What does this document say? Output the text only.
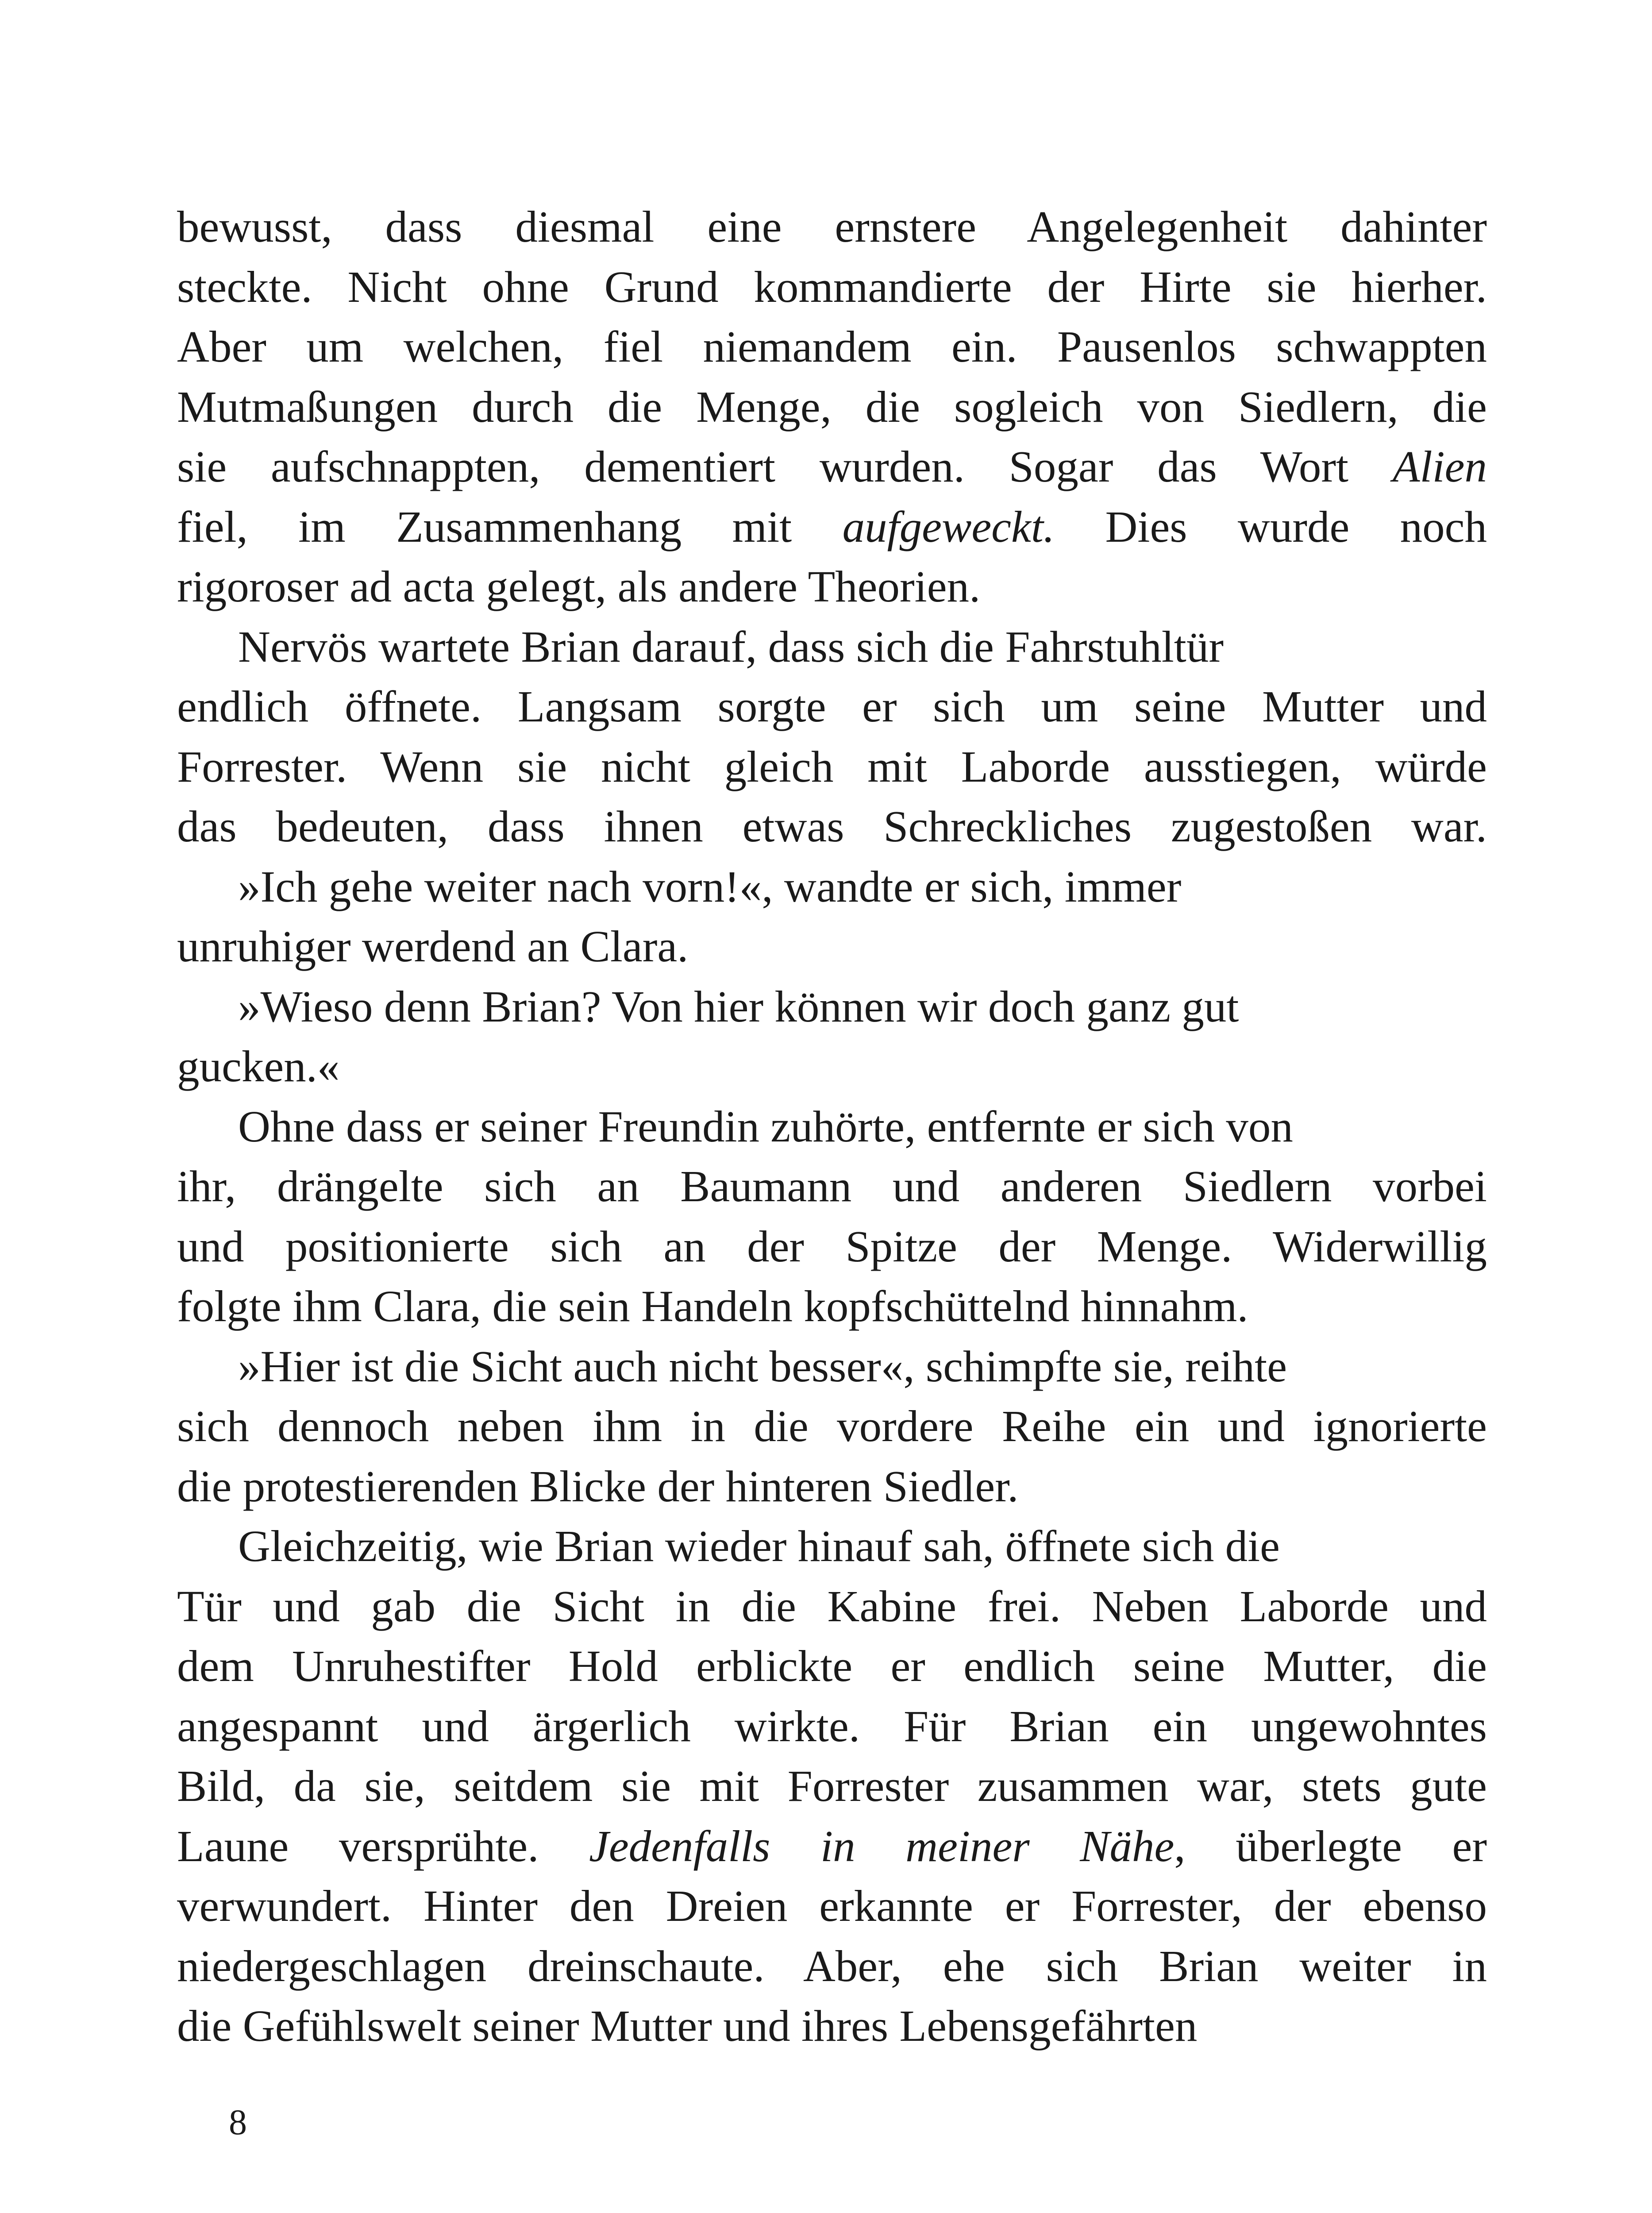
bewusst, dass diesmal eine ernstere Angelegenheit dahinter
steckte. Nicht ohne Grund kommandierte der Hirte sie hierher.
Aber um welchen, fiel niemandem ein. Pausenlos schwappten
Mutmaßungen durch die Menge, die sogleich von Siedlern, die
sie aufschnappten, dementiert wurden. Sogar das Wort Alien
fiel, im Zusammenhang mit aufgeweckt. Dies wurde noch
rigoroser ad acta gelegt, als andere Theorien.
Nervös wartete Brian darauf, dass sich die Fahrstuhltür
endlich öffnete. Langsam sorgte er sich um seine Mutter und
Forrester. Wenn sie nicht gleich mit Laborde ausstiegen, würde
das bedeuten, dass ihnen etwas Schreckliches zugestoßen war.
»Ich gehe weiter nach vorn!«, wandte er sich, immer
unruhiger werdend an Clara.
»Wieso denn Brian? Von hier können wir doch ganz gut
gucken.«
Ohne dass er seiner Freundin zuhörte, entfernte er sich von
ihr, drängelte sich an Baumann und anderen Siedlern vorbei
und positionierte sich an der Spitze der Menge. Widerwillig
folgte ihm Clara, die sein Handeln kopfschüttelnd hinnahm.
»Hier ist die Sicht auch nicht besser«, schimpfte sie, reihte
sich dennoch neben ihm in die vordere Reihe ein und ignorierte
die protestierenden Blicke der hinteren Siedler.
Gleichzeitig, wie Brian wieder hinauf sah, öffnete sich die
Tür und gab die Sicht in die Kabine frei. Neben Laborde und
dem Unruhestifter Hold erblickte er endlich seine Mutter, die
angespannt und ärgerlich wirkte. Für Brian ein ungewohntes
Bild, da sie, seitdem sie mit Forrester zusammen war, stets gute
Laune versprühte. Jedenfalls in meiner Nähe, überlegte er
verwundert. Hinter den Dreien erkannte er Forrester, der ebenso
niedergeschlagen dreinschaute. Aber, ehe sich Brian weiter in
die Gefühlswelt seiner Mutter und ihres Lebensgefährten
8
